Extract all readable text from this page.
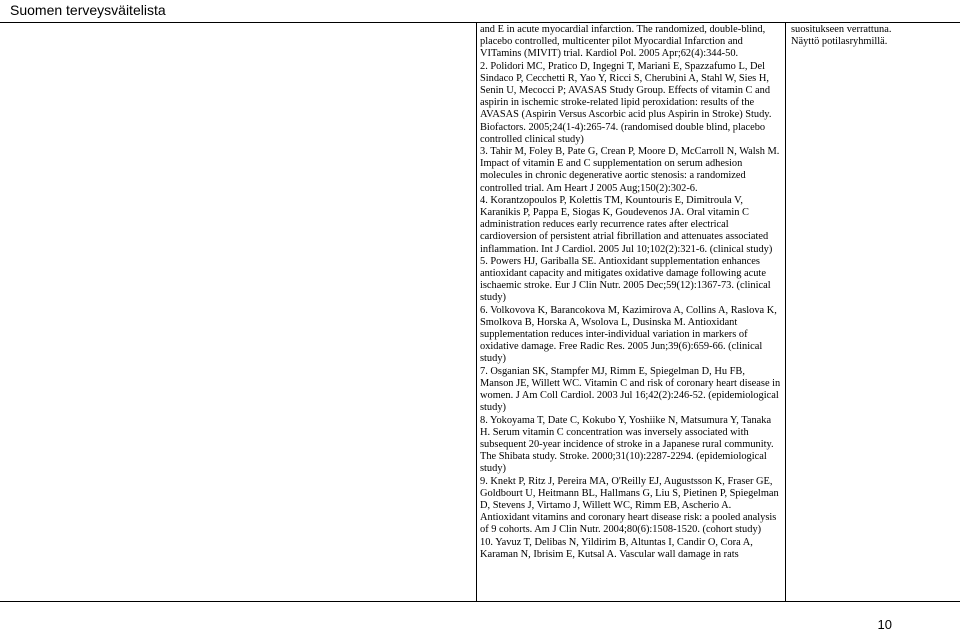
Suomen terveysväitelista

and E in acute myocardial infarction. The randomized, double-blind, placebo controlled, multicenter pilot Myocardial Infarction and VITamins (MIVIT) trial. Kardiol Pol. 2005 Apr;62(4):344-50.

2. Polidori MC, Pratico D, Ingegni T, Mariani E, Spazzafumo L, Del Sindaco P, Cecchetti R, Yao Y, Ricci S, Cherubini A, Stahl W, Sies H, Senin U, Mecocci P; AVASAS Study Group. Effects of vitamin C and aspirin in ischemic stroke-related lipid peroxidation: results of the AVASAS (Aspirin Versus Ascorbic acid plus Aspirin in Stroke) Study. Biofactors. 2005;24(1-4):265-74. (randomised double blind, placebo controlled clinical study)

3. Tahir M, Foley B, Pate G, Crean P, Moore D, McCarroll N, Walsh M. Impact of vitamin E and C supplementation on serum adhesion molecules in chronic degenerative aortic stenosis: a randomized controlled trial. Am Heart J 2005 Aug;150(2):302-6.

4. Korantzopoulos P, Kolettis TM, Kountouris E, Dimitroula V, Karanikis P, Pappa E, Siogas K, Goudevenos JA. Oral vitamin C administration reduces early recurrence rates after electrical cardioversion of persistent atrial fibrillation and attenuates associated inflammation. Int J Cardiol. 2005 Jul 10;102(2):321-6. (clinical study)

5. Powers HJ, Gariballa SE. Antioxidant supplementation enhances antioxidant capacity and mitigates oxidative damage following acute ischaemic stroke. Eur J Clin Nutr. 2005 Dec;59(12):1367-73. (clinical study)

6. Volkovova K, Barancokova M, Kazimirova A, Collins A, Raslova K, Smolkova B, Horska A, Wsolova L, Dusinska M. Antioxidant supplementation reduces inter-individual variation in markers of oxidative damage. Free Radic Res. 2005 Jun;39(6):659-66. (clinical study)

7. Osganian SK, Stampfer MJ, Rimm E, Spiegelman D, Hu FB, Manson JE, Willett WC. Vitamin C and risk of coronary heart disease in women. J Am Coll Cardiol. 2003 Jul 16;42(2):246-52. (epidemiological study)

8. Yokoyama T, Date C, Kokubo Y, Yoshiike N, Matsumura Y, Tanaka H. Serum vitamin C concentration was inversely associated with subsequent 20-year incidence of stroke in a Japanese rural community. The Shibata study. Stroke. 2000;31(10):2287-2294. (epidemiological study)

9. Knekt P, Ritz J, Pereira MA, O'Reilly EJ, Augustsson K, Fraser GE, Goldbourt U, Heitmann BL, Hallmans G, Liu S, Pietinen P, Spiegelman D, Stevens J, Virtamo J, Willett WC, Rimm EB, Ascherio A. Antioxidant vitamins and coronary heart disease risk: a pooled analysis of 9 cohorts. Am J Clin Nutr. 2004;80(6):1508-1520. (cohort study)

10. Yavuz T, Delibas N, Yildirim B, Altuntas I, Candir O, Cora A, Karaman N, Ibrisim E, Kutsal A. Vascular wall damage in rats

suositukseen verrattuna.

Näyttö potilasryhmillä.

10
